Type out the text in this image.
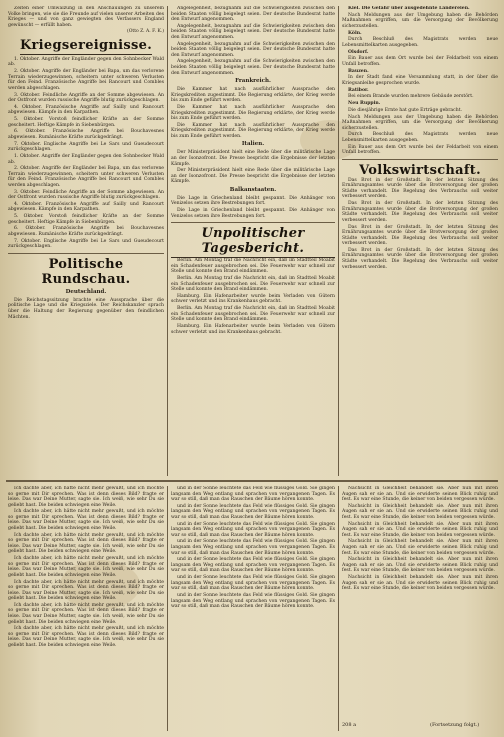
Zeiten einer Umwälzung in den Anschauungen zu unserem Volke bringen, wie sie die Freunde auf vielen unserer Arbeiten des Krieges — und von ganz gewiegten des Verfassers England gewünscht — erfüllt haben.

(Otto Z. A. F. K.)
Kriegsereignisse.

1. Oktober. Angriffe der Engländer gegen den Sohnbecker Wald ab.

2. Oktober. Angriffe der Engländer bei Bapa, um das verlorene Terrain wiederzugewinnen, scheitern unter schweren Verlusten für den Feind. Französische Angriffe bei Rancourt und Combles werden abgeschlagen.

3. Oktober. Feindliche Angriffe an der Somme abgewiesen. An der Ostfront wurden russische Angriffe blutig zurückgeschlagen.

4. Oktober. Französische Angriffe auf Sailly und Rancourt abgewiesen. Kämpfe in den Karpathen.

5. Oktober. Vorstoß feindlicher Kräfte an der Somme gescheitert. Heftige Kämpfe in Siebenbürgen.

6. Oktober. Französische Angriffe bei Bouchavesnes abgewiesen. Rumänische Kräfte zurückgedrängt.

7. Oktober. Englische Angriffe bei Le Sars und Gueudecourt zurückgeschlagen.

1. Oktober. Angriffe der Engländer gegen den Sohnbecker Wald ab.

2. Oktober. Angriffe der Engländer bei Bapa, um das verlorene Terrain wiederzugewinnen, scheitern unter schweren Verlusten für den Feind. Französische Angriffe bei Rancourt und Combles werden abgeschlagen.

3. Oktober. Feindliche Angriffe an der Somme abgewiesen. An der Ostfront wurden russische Angriffe blutig zurückgeschlagen.

4. Oktober. Französische Angriffe auf Sailly und Rancourt abgewiesen. Kämpfe in den Karpathen.

5. Oktober. Vorstoß feindlicher Kräfte an der Somme gescheitert. Heftige Kämpfe in Siebenbürgen.

6. Oktober. Französische Angriffe bei Bouchavesnes abgewiesen. Rumänische Kräfte zurückgedrängt.

7. Oktober. Englische Angriffe bei Le Sars und Gueudecourt zurückgeschlagen.

Politische Rundschau.
Deutschland.

Die Reichstagssitzung brachte eine Aussprache über die politische Lage und die Kriegsziele. Der Reichskanzler sprach über die Haltung der Regierung gegenüber den feindlichen Mächten.

Angelegenheit, bezugnahm auf die Schwierigkeiten zwischen den beiden Staaten völlig beigelegt seien. Der deutsche Bundesrat hatte den Entwurf angenommen.

Angelegenheit, bezugnahm auf die Schwierigkeiten zwischen den beiden Staaten völlig beigelegt seien. Der deutsche Bundesrat hatte den Entwurf angenommen.

Angelegenheit, bezugnahm auf die Schwierigkeiten zwischen den beiden Staaten völlig beigelegt seien. Der deutsche Bundesrat hatte den Entwurf angenommen.

Angelegenheit, bezugnahm auf die Schwierigkeiten zwischen den beiden Staaten völlig beigelegt seien. Der deutsche Bundesrat hatte den Entwurf angenommen.

Frankreich.

Die Kammer hat nach ausführlicher Aussprache den Kriegskrediten zugestimmt. Die Regierung erklärte, der Krieg werde bis zum Ende geführt werden.

Die Kammer hat nach ausführlicher Aussprache den Kriegskrediten zugestimmt. Die Regierung erklärte, der Krieg werde bis zum Ende geführt werden.

Die Kammer hat nach ausführlicher Aussprache den Kriegskrediten zugestimmt. Die Regierung erklärte, der Krieg werde bis zum Ende geführt werden.

Italien.

Der Ministerpräsident hielt eine Rede über die militärische Lage an der Isonzofront. Die Presse bespricht die Ergebnisse der letzten Kämpfe.

Der Ministerpräsident hielt eine Rede über die militärische Lage an der Isonzofront. Die Presse bespricht die Ergebnisse der letzten Kämpfe.

Balkanstaaten.

Die Lage in Griechenland bleibt gespannt. Die Anhänger von Venizelos setzen ihre Bestrebungen fort.

Die Lage in Griechenland bleibt gespannt. Die Anhänger von Venizelos setzen ihre Bestrebungen fort.

Unpolitischer Tagesbericht.

Berlin. Am Montag traf die Nachricht ein, daß im Stadtteil Moabit ein Schadenfeuer ausgebrochen sei. Die Feuerwehr war schnell zur Stelle und konnte den Brand eindämmen.

Berlin. Am Montag traf die Nachricht ein, daß im Stadtteil Moabit ein Schadenfeuer ausgebrochen sei. Die Feuerwehr war schnell zur Stelle und konnte den Brand eindämmen.

Hamburg. Ein Hafenarbeiter wurde beim Verladen von Gütern schwer verletzt und ins Krankenhaus gebracht.

Berlin. Am Montag traf die Nachricht ein, daß im Stadtteil Moabit ein Schadenfeuer ausgebrochen sei. Die Feuerwehr war schnell zur Stelle und konnte den Brand eindämmen.

Hamburg. Ein Hafenarbeiter wurde beim Verladen von Gütern schwer verletzt und ins Krankenhaus gebracht.

Kiel. Die Gefahr über ausgedehnte Ländereien.

Nach Meldungen aus der Umgebung haben die Behörden Maßnahmen ergriffen, um die Versorgung der Bevölkerung sicherzustellen.

Köln.

Durch Beschluß des Magistrats werden neue Lebensmittelkarten ausgegeben.

Olsdorf.

Ein Bauer aus dem Ort wurde bei der Feldarbeit von einem Unfall betroffen.

Bauzen.

In der Stadt fand eine Versammlung statt, in der über die Kriegsanleihe gesprochen wurde.

Ratibor.

Bei einem Brande wurden mehrere Gebäude zerstört.

Neu Ruppin.

Die diesjährige Ernte hat gute Erträge gebracht.

Nach Meldungen aus der Umgebung haben die Behörden Maßnahmen ergriffen, um die Versorgung der Bevölkerung sicherzustellen.

Durch Beschluß des Magistrats werden neue Lebensmittelkarten ausgegeben.

Ein Bauer aus dem Ort wurde bei der Feldarbeit von einem Unfall betroffen.

Volkswirtschaft.

Das Brot in der Großstadt. In der letzten Sitzung des Ernährungsamtes wurde über die Brotversorgung der großen Städte verhandelt. Die Regelung des Verbrauchs soll weiter verbessert werden.

Das Brot in der Großstadt. In der letzten Sitzung des Ernährungsamtes wurde über die Brotversorgung der großen Städte verhandelt. Die Regelung des Verbrauchs soll weiter verbessert werden.

Das Brot in der Großstadt. In der letzten Sitzung des Ernährungsamtes wurde über die Brotversorgung der großen Städte verhandelt. Die Regelung des Verbrauchs soll weiter verbessert werden.

Das Brot in der Großstadt. In der letzten Sitzung des Ernährungsamtes wurde über die Brotversorgung der großen Städte verhandelt. Die Regelung des Verbrauchs soll weiter verbessert werden.

Ich dachte aber, ich hätte nicht mehr gewußt, und ich möchte so gerne mit Dir sprechen. Was ist denn dieses Bild? fragte er leise. Das war Deine Mutter, sagte sie. Ich weiß, wie sehr Du sie geliebt hast. Die beiden schwiegen eine Weile.

Ich dachte aber, ich hätte nicht mehr gewußt, und ich möchte so gerne mit Dir sprechen. Was ist denn dieses Bild? fragte er leise. Das war Deine Mutter, sagte sie. Ich weiß, wie sehr Du sie geliebt hast. Die beiden schwiegen eine Weile.

Ich dachte aber, ich hätte nicht mehr gewußt, und ich möchte so gerne mit Dir sprechen. Was ist denn dieses Bild? fragte er leise. Das war Deine Mutter, sagte sie. Ich weiß, wie sehr Du sie geliebt hast. Die beiden schwiegen eine Weile.

Ich dachte aber, ich hätte nicht mehr gewußt, und ich möchte so gerne mit Dir sprechen. Was ist denn dieses Bild? fragte er leise. Das war Deine Mutter, sagte sie. Ich weiß, wie sehr Du sie geliebt hast. Die beiden schwiegen eine Weile.

Ich dachte aber, ich hätte nicht mehr gewußt, und ich möchte so gerne mit Dir sprechen. Was ist denn dieses Bild? fragte er leise. Das war Deine Mutter, sagte sie. Ich weiß, wie sehr Du sie geliebt hast. Die beiden schwiegen eine Weile.

Ich dachte aber, ich hätte nicht mehr gewußt, und ich möchte so gerne mit Dir sprechen. Was ist denn dieses Bild? fragte er leise. Das war Deine Mutter, sagte sie. Ich weiß, wie sehr Du sie geliebt hast. Die beiden schwiegen eine Weile.

Ich dachte aber, ich hätte nicht mehr gewußt, und ich möchte so gerne mit Dir sprechen. Was ist denn dieses Bild? fragte er leise. Das war Deine Mutter, sagte sie. Ich weiß, wie sehr Du sie geliebt hast. Die beiden schwiegen eine Weile.

und in der Sonne leuchtete das Feld wie flüssiges Gold. Sie gingen langsam den Weg entlang und sprachen von vergangenen Tagen. Es war so still, daß man das Rauschen der Bäume hören konnte.

und in der Sonne leuchtete das Feld wie flüssiges Gold. Sie gingen langsam den Weg entlang und sprachen von vergangenen Tagen. Es war so still, daß man das Rauschen der Bäume hören konnte.

und in der Sonne leuchtete das Feld wie flüssiges Gold. Sie gingen langsam den Weg entlang und sprachen von vergangenen Tagen. Es war so still, daß man das Rauschen der Bäume hören konnte.

und in der Sonne leuchtete das Feld wie flüssiges Gold. Sie gingen langsam den Weg entlang und sprachen von vergangenen Tagen. Es war so still, daß man das Rauschen der Bäume hören konnte.

und in der Sonne leuchtete das Feld wie flüssiges Gold. Sie gingen langsam den Weg entlang und sprachen von vergangenen Tagen. Es war so still, daß man das Rauschen der Bäume hören konnte.

und in der Sonne leuchtete das Feld wie flüssiges Gold. Sie gingen langsam den Weg entlang und sprachen von vergangenen Tagen. Es war so still, daß man das Rauschen der Bäume hören konnte.

und in der Sonne leuchtete das Feld wie flüssiges Gold. Sie gingen langsam den Weg entlang und sprachen von vergangenen Tagen. Es war so still, daß man das Rauschen der Bäume hören konnte.

Nachsicht in Gleichheit behandelt sie. Aber nun mit ihren Augen sah er sie an. Und sie erwiderte seinen Blick ruhig und fest. Es war eine Stunde, die keiner von beiden vergessen würde.

Nachsicht in Gleichheit behandelt sie. Aber nun mit ihren Augen sah er sie an. Und sie erwiderte seinen Blick ruhig und fest. Es war eine Stunde, die keiner von beiden vergessen würde.

Nachsicht in Gleichheit behandelt sie. Aber nun mit ihren Augen sah er sie an. Und sie erwiderte seinen Blick ruhig und fest. Es war eine Stunde, die keiner von beiden vergessen würde.

Nachsicht in Gleichheit behandelt sie. Aber nun mit ihren Augen sah er sie an. Und sie erwiderte seinen Blick ruhig und fest. Es war eine Stunde, die keiner von beiden vergessen würde.

Nachsicht in Gleichheit behandelt sie. Aber nun mit ihren Augen sah er sie an. Und sie erwiderte seinen Blick ruhig und fest. Es war eine Stunde, die keiner von beiden vergessen würde.

Nachsicht in Gleichheit behandelt sie. Aber nun mit ihren Augen sah er sie an. Und sie erwiderte seinen Blick ruhig und fest. Es war eine Stunde, die keiner von beiden vergessen würde.

(Fortsetzung folgt.)
208 a
